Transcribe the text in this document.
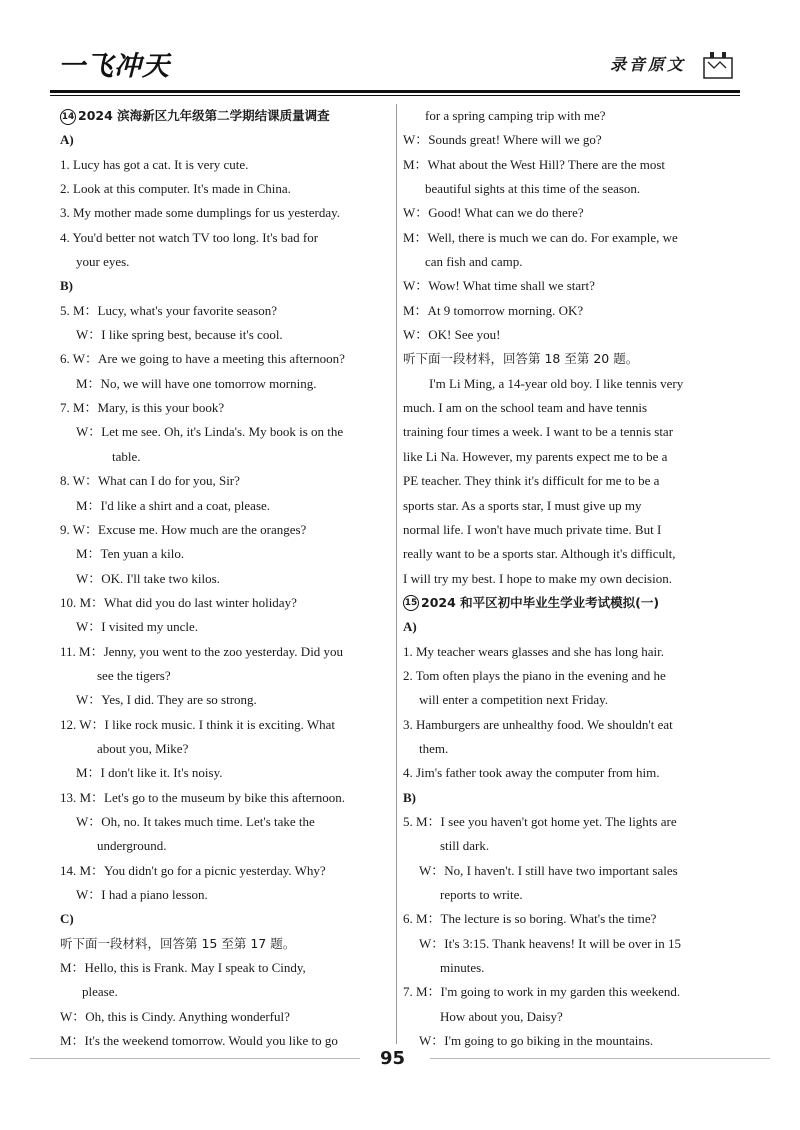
一飞冲天	录音原文
14 2024 滨海新区九年级第二学期结课质量调查
A)
1. Lucy has got a cat. It is very cute.
2. Look at this computer. It's made in China.
3. My mother made some dumplings for us yesterday.
4. You'd better not watch TV too long. It's bad for
your eyes.
B)
5. M：Lucy, what's your favorite season?
W：I like spring best, because it's cool.
6. W：Are we going to have a meeting this afternoon?
M：No, we will have one tomorrow morning.
7. M：Mary, is this your book?
W：Let me see. Oh, it's Linda's. My book is on the
table.
8. W：What can I do for you, Sir?
M：I'd like a shirt and a coat, please.
9. W：Excuse me. How much are the oranges?
M：Ten yuan a kilo.
W：OK. I'll take two kilos.
10. M：What did you do last winter holiday?
W：I visited my uncle.
11. M：Jenny, you went to the zoo yesterday. Did you
see the tigers?
W：Yes, I did. They are so strong.
12. W：I like rock music. I think it is exciting. What
about you, Mike?
M：I don't like it. It's noisy.
13. M：Let's go to the museum by bike this afternoon.
W：Oh, no. It takes much time. Let's take the
underground.
14. M：You didn't go for a picnic yesterday. Why?
W：I had a piano lesson.
C)
听下面一段材料，回答第 15 至第 17 题。
M：Hello, this is Frank. May I speak to Cindy,
please.
W：Oh, this is Cindy. Anything wonderful?
M：It's the weekend tomorrow. Would you like to go
for a spring camping trip with me?
W：Sounds great! Where will we go?
M：What about the West Hill? There are the most
beautiful sights at this time of the season.
W：Good! What can we do there?
M：Well, there is much we can do. For example, we
can fish and camp.
W：Wow! What time shall we start?
M：At 9 tomorrow morning. OK?
W：OK! See you!
听下面一段材料，回答第 18 至第 20 题。
I'm Li Ming, a 14-year old boy. I like tennis very
much. I am on the school team and have tennis
training four times a week. I want to be a tennis star
like Li Na. However, my parents expect me to be a
PE teacher. They think it's difficult for me to be a
sports star. As a sports star, I must give up my
normal life. I won't have much private time. But I
really want to be a sports star. Although it's difficult,
I will try my best. I hope to make my own decision.
15 2024 和平区初中毕业生学业考试模拟(一)
A)
1. My teacher wears glasses and she has long hair.
2. Tom often plays the piano in the evening and he
will enter a competition next Friday.
3. Hamburgers are unhealthy food. We shouldn't eat
them.
4. Jim's father took away the computer from him.
B)
5. M：I see you haven't got home yet. The lights are
still dark.
W：No, I haven't. I still have two important sales
reports to write.
6. M：The lecture is so boring. What's the time?
W：It's 3:15. Thank heavens! It will be over in 15
minutes.
7. M：I'm going to work in my garden this weekend.
How about you, Daisy?
W：I'm going to go biking in the mountains.
95
